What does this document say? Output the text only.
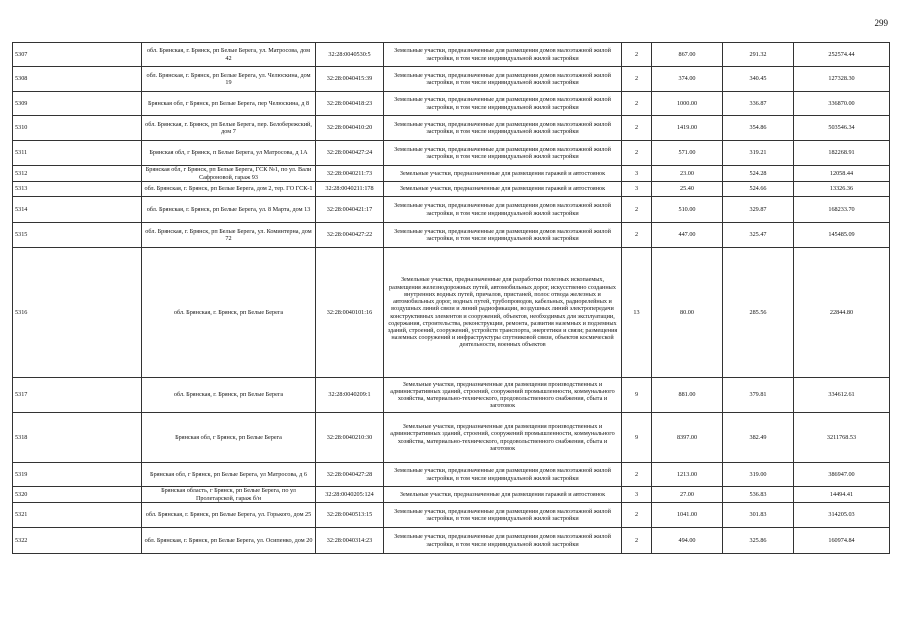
299
5307	обл. Брянская, г. Брянск, рп Белые Берега, ул. Матросова, дом 42	32:28:0040530:5	Земельные участки, предназначенные для размещения домов малоэтажной жилой застройки, в том числе индивидуальной жилой застройки	2	867.00	291.32	252574.44

5308	обл. Брянская, г. Брянск, рп Белые Берега, ул. Челюскина, дом 19	32:28:0040415:39	Земельные участки, предназначенные для размещения домов малоэтажной жилой застройки, в том числе индивидуальной жилой застройки	2	374.00	340.45	127328.30

5309	Брянская обл, г Брянск, рп Белые Берега, пер Челюскина, д 8	32:28:0040418:23	Земельные участки, предназначенные для размещения домов малоэтажной жилой застройки, в том числе индивидуальной жилой застройки	2	1000.00	336.87	336870.00

5310	обл. Брянская, г. Брянск, рп Белые Берега, пер. Белобережский, дом 7	32:28:0040410:20	Земельные участки, предназначенные для размещения домов малоэтажной жилой застройки, в том числе индивидуальной жилой застройки	2	1419.00	354.86	503546.34

5311	Брянская обл, г Брянск, п Белые Берега, ул Матросова, д 1А	32:28:0040427:24	Земельные участки, предназначенные для размещения домов малоэтажной жилой застройки, в том числе индивидуальной жилой застройки	2	571.00	319.21	182268.91

5312	Брянская обл, г Брянск, рп Белые Берега, ГСК №1, по ул. Вали Сафроновой, гараж 93	32:28:0040211:73	Земельные участки, предназначенные для размещения гаражей и автостоянок	3	23.00	524.28	12058.44

5313	обл. Брянская, г. Брянск, рп Белые Берега, дом 2, тер. ГО ГСК-1	32:28:0040211:178	Земельные участки, предназначенные для размещения гаражей и автостоянок	3	25.40	524.66	13326.36

5314	обл. Брянская, г. Брянск, рп Белые Берега, ул. 8 Марта, дом 13	32:28:0040421:17	Земельные участки, предназначенные для размещения домов малоэтажной жилой застройки, в том числе индивидуальной жилой застройки	2	510.00	329.87	168233.70

5315	обл. Брянская, г. Брянск, рп Белые Берега, ул. Коминтерна, дом 72	32:28:0040427:22	Земельные участки, предназначенные для размещения домов малоэтажной жилой застройки, в том числе индивидуальной жилой застройки	2	447.00	325.47	145485.09

5316	обл. Брянская, г. Брянск, рп Белые Берега	32:28:0040101:16	Земельные участки, предназначенные для разработки полезных ископаемых, размещения железнодорожных путей, автомобильных дорог, искусственно созданных внутренних водных путей, причалов, пристаней, полос отвода железных и автомобильных дорог, водных путей, трубопроводов, кабельных, радиорелейных и воздушных линий связи и линий радиофикации, воздушных линий электропередачи конструктивных элементов и сооружений, объектов, необходимых для эксплуатации, содержания, строительства, реконструкции, ремонта, развития наземных и подземных зданий, строений, сооружений, устройств транспорта, энергетики и связи; размещения наземных сооружений и инфраструктуры спутниковой связи, объектов космической деятельности, военных объектов	13	80.00	285.56	22844.80

5317	обл. Брянская, г. Брянск, рп Белые Берега	32:28:0040209:1	Земельные участки, предназначенные для размещения производственных и административных зданий, строений, сооружений промышленности, коммунального хозяйства, материально-технического, продовольственного снабжения, сбыта и заготовок	9	881.00	379.81	334612.61

5318	Брянская обл, г Брянск, рп Белые Берега	32:28:0040210:30	Земельные участки, предназначенные для размещения производственных и административных зданий, строений, сооружений промышленности, коммунального хозяйства, материально-технического, продовольственного снабжения, сбыта и заготовок	9	8397.00	382.49	3211768.53

5319	Брянская обл, г Брянск, рп Белые Берега, ул Матросова, д 6	32:28:0040427:28	Земельные участки, предназначенные для размещения домов малоэтажной жилой застройки, в том числе индивидуальной жилой застройки	2	1213.00	319.00	386947.00

5320	Брянская область, г Брянск, рп Белые Берега, по ул Пролетарской, гараж б/н	32:28:0040205:124	Земельные участки, предназначенные для размещения гаражей и автостоянок	3	27.00	536.83	14494.41

5321	обл. Брянская, г. Брянск, рп Белые Берега, ул. Горького, дом 25	32:28:0040513:15	Земельные участки, предназначенные для размещения домов малоэтажной жилой застройки, в том числе индивидуальной жилой застройки	2	1041.00	301.83	314205.03

5322	обл. Брянская, г. Брянск, рп Белые Берега, ул. Осипенко, дом 20	32:28:0040314:23	Земельные участки, предназначенные для размещения домов малоэтажной жилой застройки, в том числе индивидуальной жилой застройки	2	494.00	325.86	160974.84
